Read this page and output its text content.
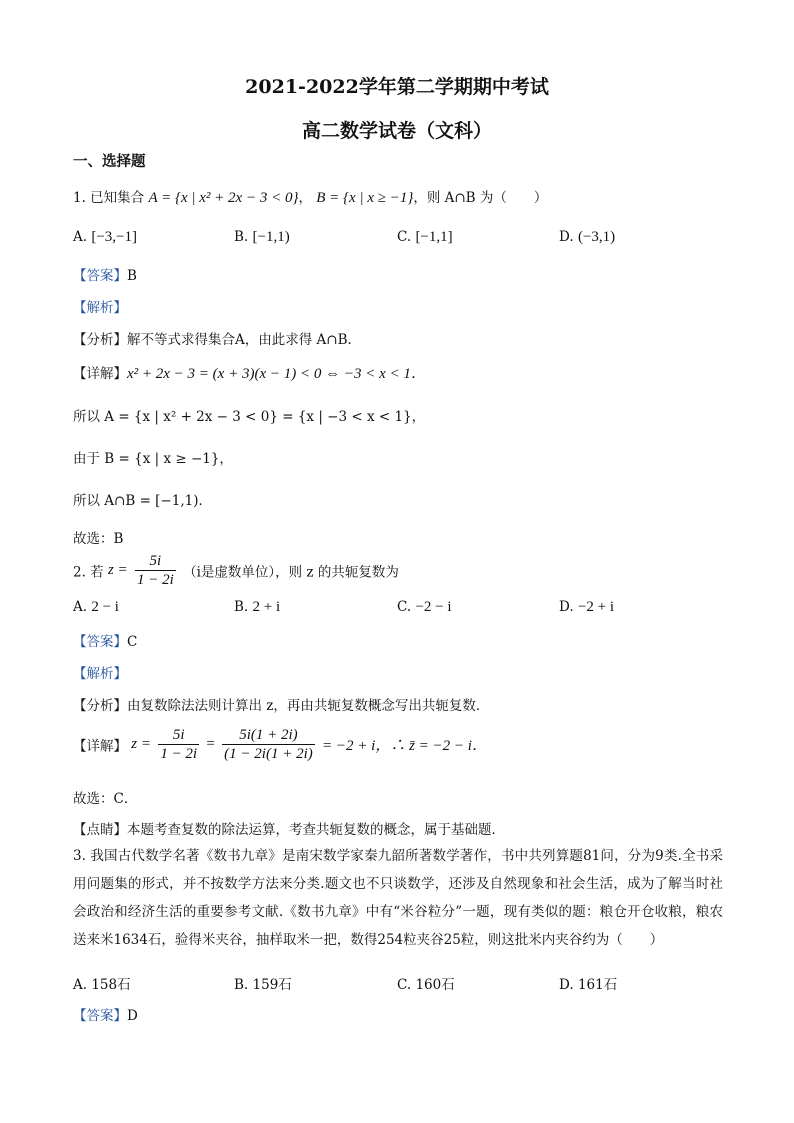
2021-2022学年第二学期期中考试
高二数学试卷（文科）
一、选择题
1. 已知集合 A = {x | x² + 2x − 3 < 0}， B = {x | x ≥ −1}，则 A∩B 为（　　）
A. [−3,−1]	B. [−1,1)	C. [−1,1]	D. (−3,1)
【答案】B
【解析】
【分析】解不等式求得集合A，由此求得 A∩B．
【详解】x² + 2x − 3 = (x + 3)(x − 1) < 0 ⇔ −3 < x < 1．
所以 A = {x | x² + 2x − 3 < 0} = {x | −3 < x < 1}，
由于 B = {x | x ≥ −1}，
所以 A∩B = [−1,1)．
故选：B
2. 若 $z = \frac{5i}{1 - 2i} (i$是虚数单位），则 z 的共轭复数为
A. 2 − i	B. 2 + i	C. −2 − i	D. −2 + i
【答案】C
【解析】
【分析】由复数除法法则计算出 z，再由共轭复数概念写出共轭复数．
【详解】 $z = \frac{5i}{1 - 2i} = \frac{5i(1 + 2i)}{(1 - 2i(1 + 2i)} = -2 + i$，∴ z̄ = −2 − i．
故选：C．
【点睛】本题考查复数的除法运算，考查共轭复数的概念，属于基础题．
3. 我国古代数学名著《数书九章》是南宋数学家秦九韶所著数学著作，书中共列算题81问，分为9类.全书采用问题集的形式，并不按数学方法来分类.题文也不只谈数学，还涉及自然现象和社会生活，成为了解当时社会政治和经济生活的重要参考文献.《数书九章》中有“米谷粒分”一题，现有类似的题：粮仓开仓收粮，粮农送来米1634石，验得米夹谷，抽样取米一把，数得254粒夹谷25粒，则这批米内夹谷约为（　　）
A. 158石	B. 159石	C. 160石	D. 161石
【答案】D
